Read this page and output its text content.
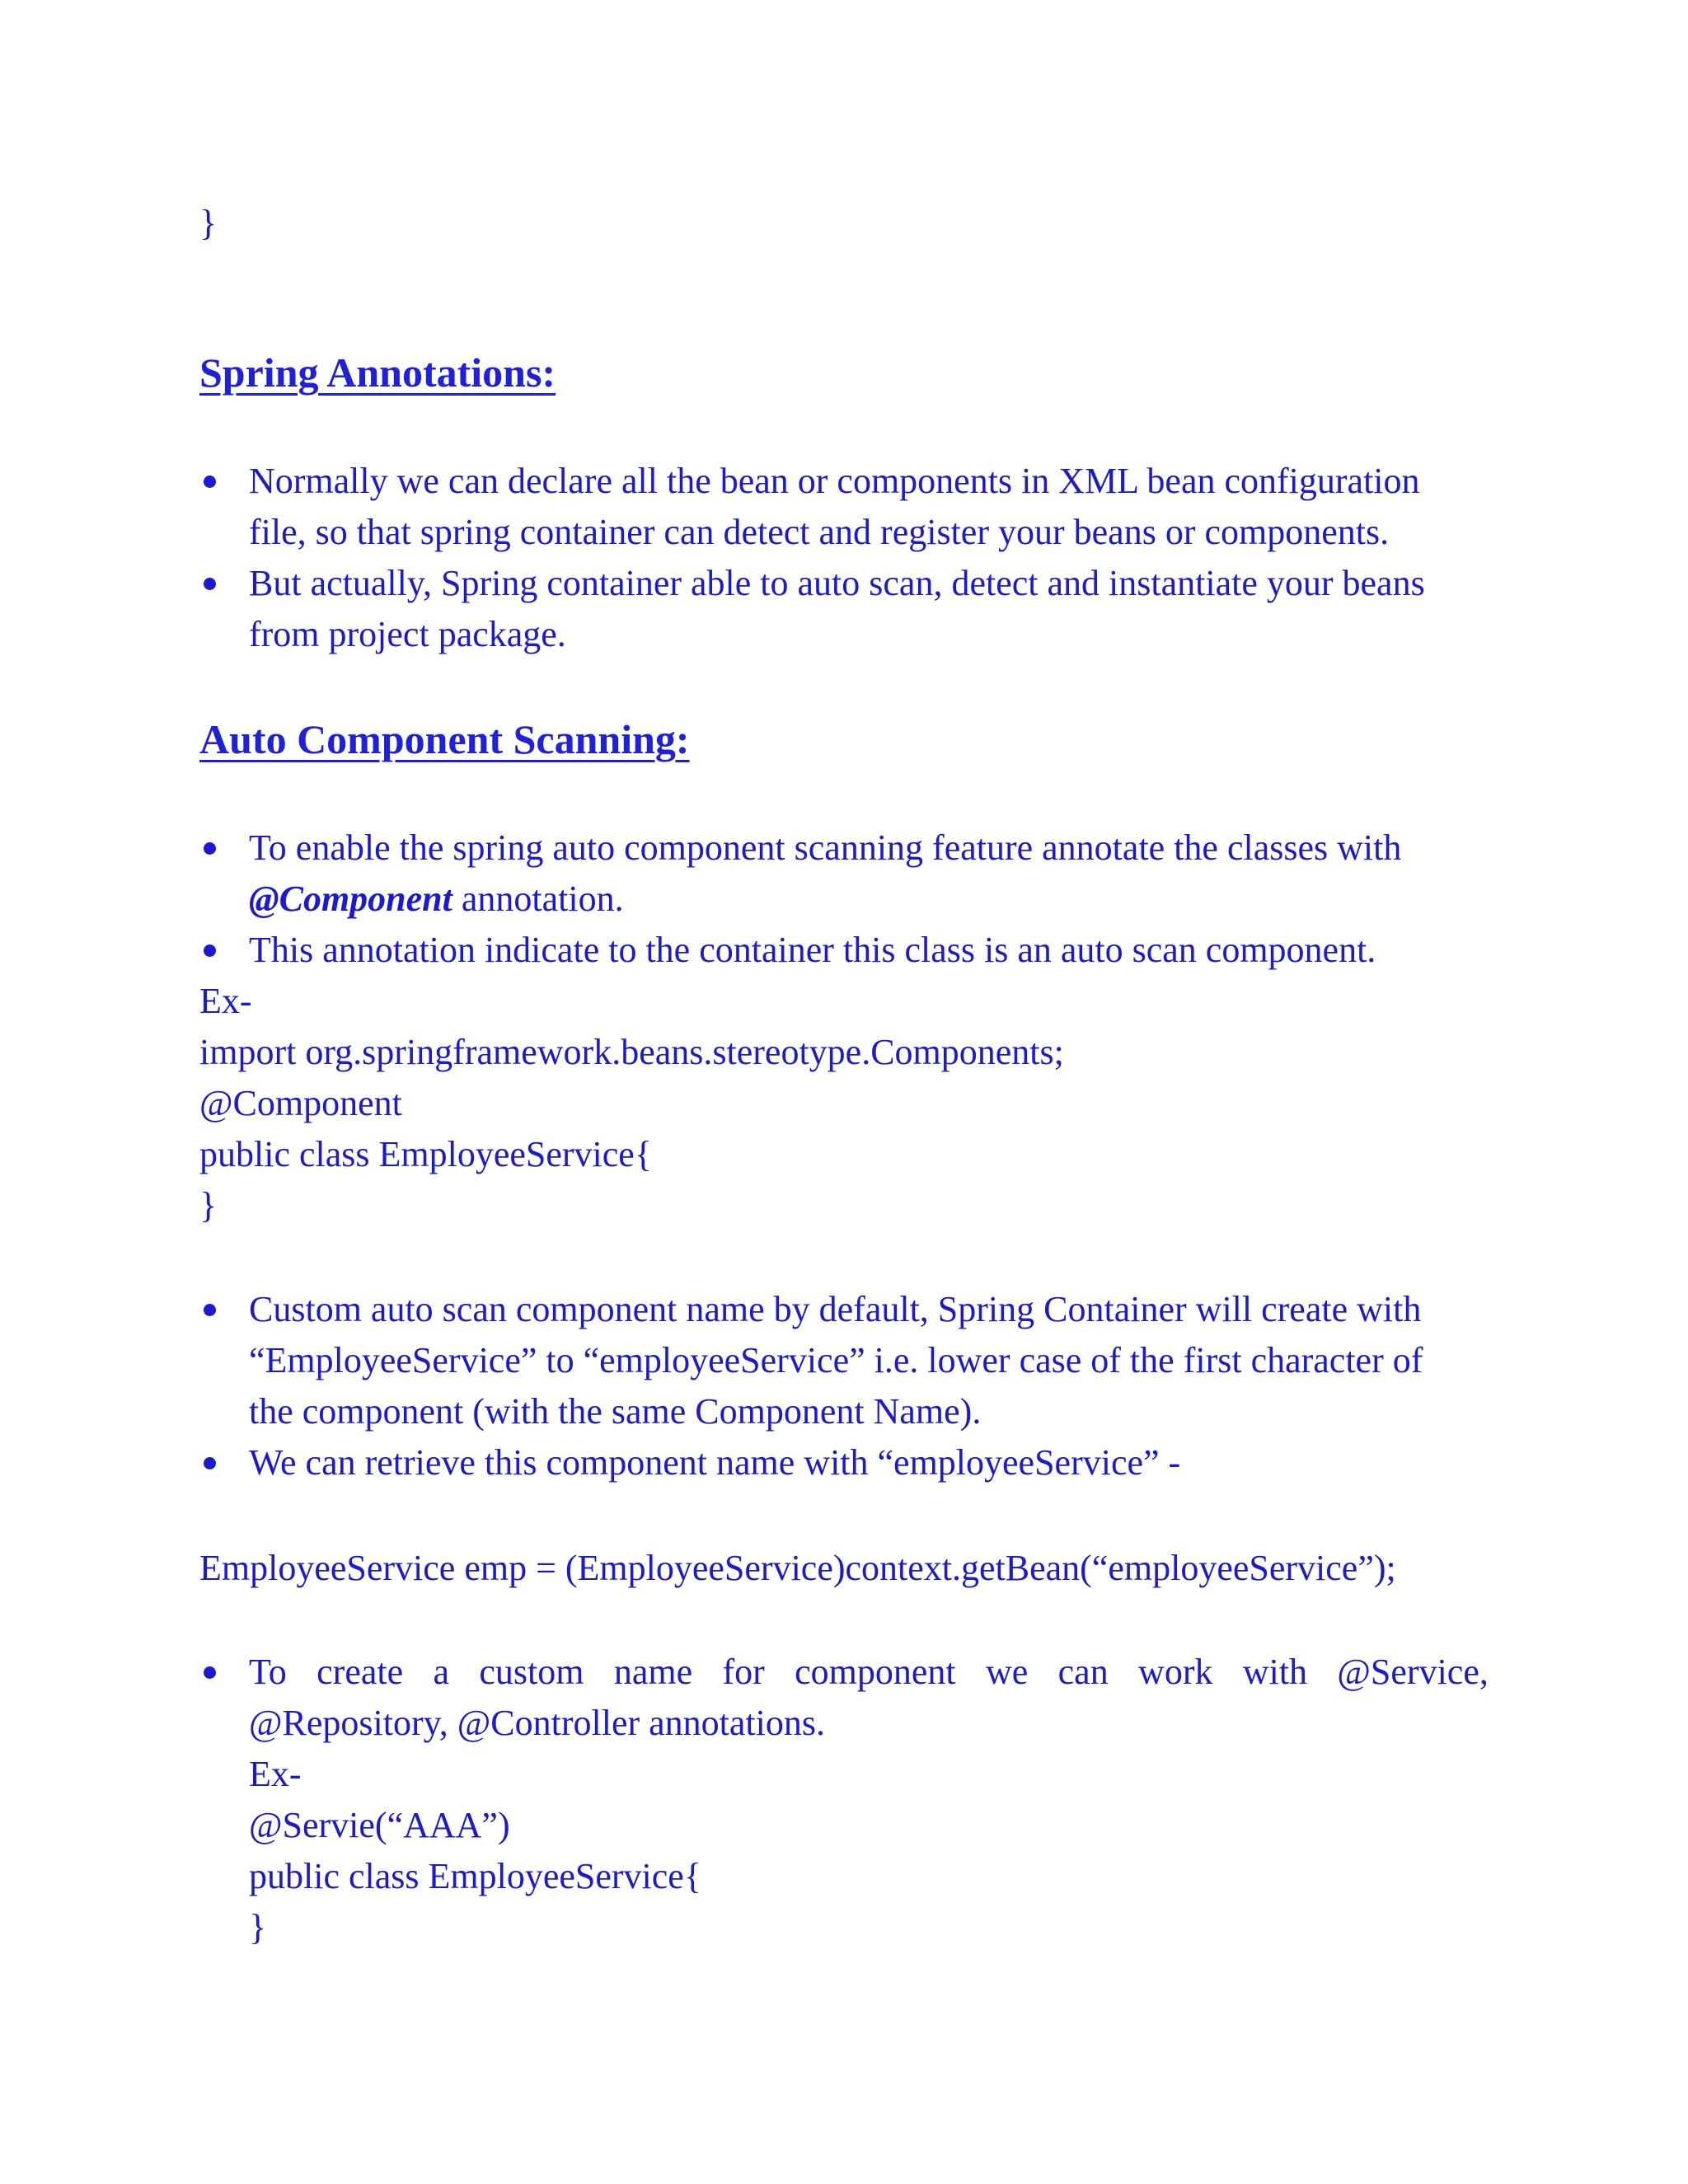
}
Spring Annotations:
Normally we can declare all the bean or components in XML bean configuration
file, so that spring container can detect and register your beans or components.
But actually, Spring container able to auto scan, detect and instantiate your beans
from project package.
Auto Component Scanning:
To enable the spring auto component scanning feature annotate the classes with
@Component annotation.
This annotation indicate to the container this class is an auto scan component.
Ex-
import org.springframework.beans.stereotype.Components;
@Component
public class EmployeeService{
}
Custom auto scan component name by default, Spring Container will create with
“EmployeeService” to “employeeService” i.e. lower case of the first character of
the component (with the same Component Name).
We can retrieve this component name with “employeeService” -
EmployeeService emp = (EmployeeService)context.getBean(“employeeService”);
To create a custom name for component we can work with @Service,
@Repository, @Controller annotations.
Ex-
@Servie(“AAA”)
public class EmployeeService{
}
